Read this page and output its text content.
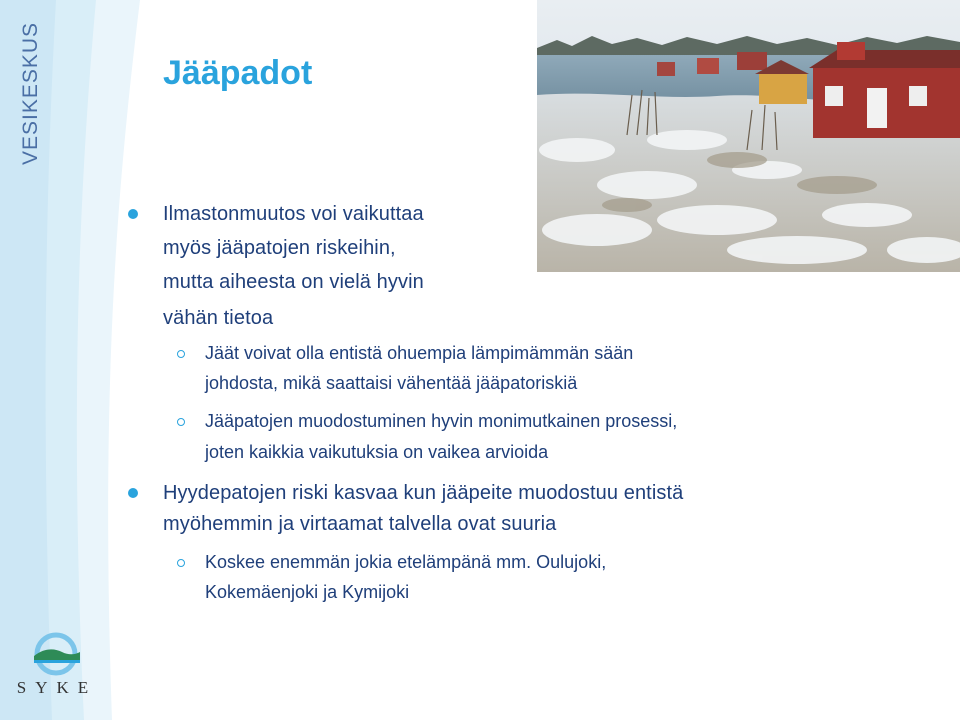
VESIKESKUS	Jääpadot

Ilmastonmuutos voi vaikuttaa

myös jääpatojen riskeihin,

mutta aiheesta on vielä hyvin

vähän tietoa

Jäät voivat olla entistä ohuempia lämpimämmän sään

johdosta, mikä saattaisi vähentää jääpatoriskiä

Jääpatojen muodostuminen hyvin monimutkainen prosessi,

joten kaikkia vaikutuksia on vaikea arvioida

Hyydepatojen riski kasvaa kun jääpeite muodostuu entistä

myöhemmin ja virtaamat talvella ovat suuria

Koskee enemmän jokia etelämpänä mm. Oulujoki,

Kokemäenjoki ja Kymijoki

SYKE
